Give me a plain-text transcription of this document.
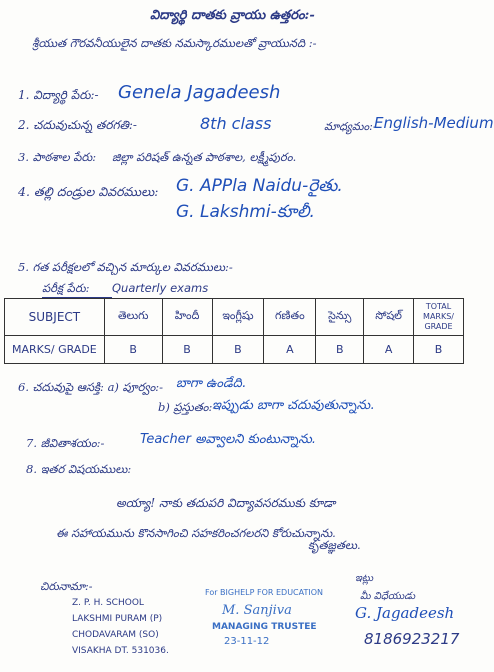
విద్యార్థి దాతకు వ్రాయు ఉత్తరం:-
శ్రీయుత గౌరవనీయులైన దాతకు నమస్కారములతో వ్రాయునది :-
1. విద్యార్థి పేరు:- Genela Jagadeesh
2. చదువుచున్న తరగతి:-	8th class	మాధ్యమం:-
English-Medium
3. పాఠశాల పేరు: జిల్లా పరిషత్ ఉన్నత పాఠశాల, లక్ష్మీపురం.
4. తల్లి దండ్రుల వివరములు: G. APPla Naidu-రైతు.
G. Lakshmi-కూలీ.
5. గత పరీక్షలలో వచ్చిన మార్కుల వివరములు:-
పరీక్ష పేరు: Quarterly exams
SUBJECT	తెలుగు	హిందీ	ఇంగ్లీషు	గణితం	సైన్సు	సోషల్	TOTAL MARKS/ GRADE
MARKS/ GRADE	B	B	B	A	B	A	B
6. చదువుపై ఆసక్తి: a) పూర్వం:- బాగా ఉండేది.
b) ప్రస్తుతం:-
ఇప్పుడు బాగా చదువుతున్నాను.
7. జీవితాశయం:-	Teacher అవ్వాలని కుంటున్నాను.
8. ఇతర విషయములు:
అయ్యా! నాకు తదుపరి విద్యావసరముకు కూడా
ఈ సహాయమును కొనసాగించి సహకరించగలరని కోరుచున్నాను.
కృతజ్ఞతలు.
చిరునామా:-
Z. P. H. SCHOOL
LAKSHMI PURAM (P)
CHODAVARAM (SO)
VISAKHA DT. 531036.
For BIGHELP FOR EDUCATION
M. Sanjiva
MANAGING TRUSTEE
23-11-12
ఇట్లు
మీ విధేయుడు
G. Jagadeesh
8186923217
